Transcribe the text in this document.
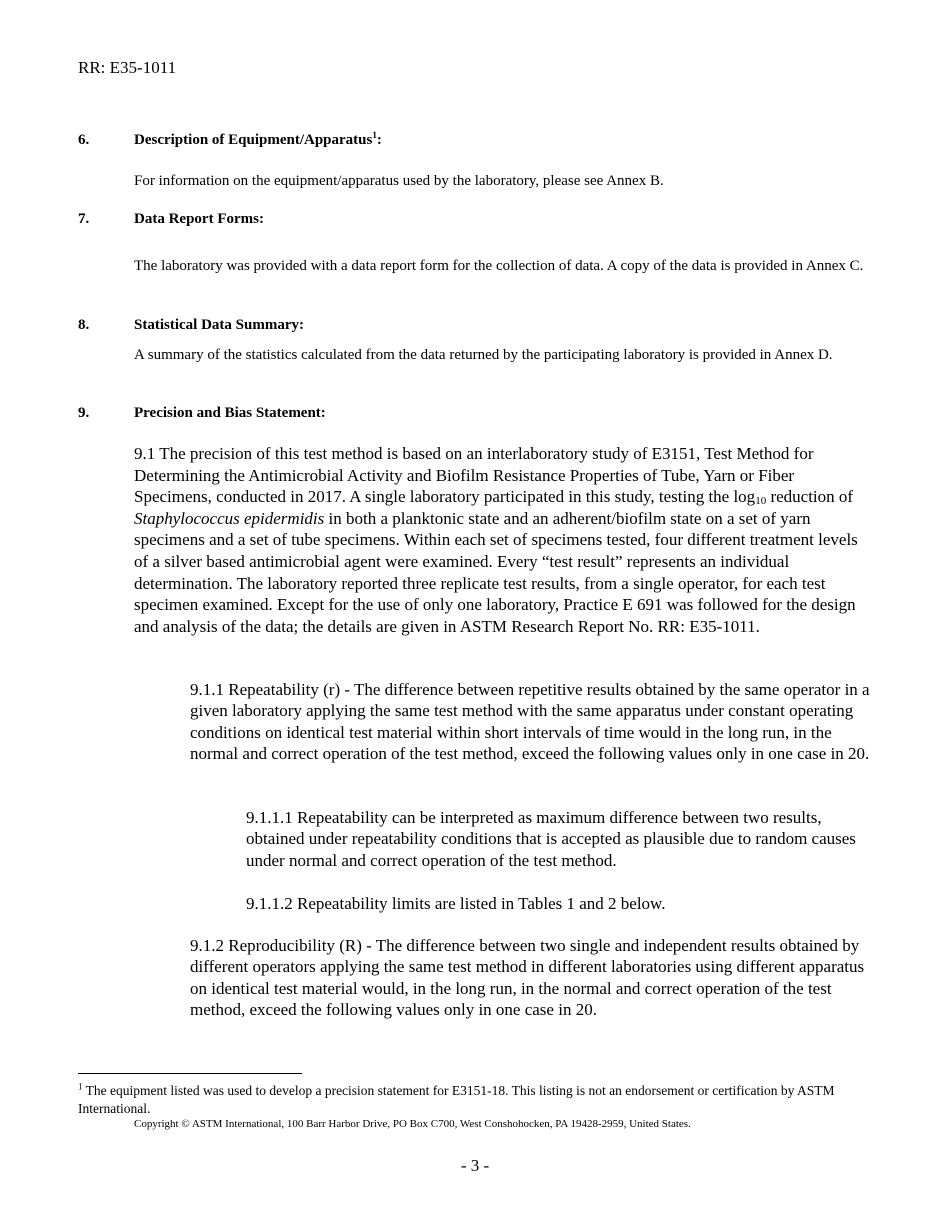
RR: E35-1011
6.	Description of Equipment/Apparatus$^1$:
For information on the equipment/apparatus used by the laboratory, please see Annex B.
7.	Data Report Forms:
The laboratory was provided with a data report form for the collection of data. A copy of the data is provided in Annex C.
8.	Statistical Data Summary:
A summary of the statistics calculated from the data returned by the participating laboratory is provided in Annex D.
9.	Precision and Bias Statement:
9.1 The precision of this test method is based on an interlaboratory study of E3151, Test Method for Determining the Antimicrobial Activity and Biofilm Resistance Properties of Tube, Yarn or Fiber Specimens, conducted in 2017. A single laboratory participated in this study, testing the $\log_{10}$ reduction of Staphylococcus epidermidis in both a planktonic state and an adherent/biofilm state on a set of yarn specimens and a set of tube specimens. Within each set of specimens tested, four different treatment levels of a silver based antimicrobial agent were examined. Every “test result” represents an individual determination. The laboratory reported three replicate test results, from a single operator, for each test specimen examined. Except for the use of only one laboratory, Practice E 691 was followed for the design and analysis of the data; the details are given in ASTM Research Report No. RR: E35-1011.
9.1.1 Repeatability (r) - The difference between repetitive results obtained by the same operator in a given laboratory applying the same test method with the same apparatus under constant operating conditions on identical test material within short intervals of time would in the long run, in the normal and correct operation of the test method, exceed the following values only in one case in 20.
9.1.1.1 Repeatability can be interpreted as maximum difference between two results, obtained under repeatability conditions that is accepted as plausible due to random causes under normal and correct operation of the test method.
9.1.1.2 Repeatability limits are listed in Tables 1 and 2 below.
9.1.2 Reproducibility (R) - The difference between two single and independent results obtained by different operators applying the same test method in different laboratories using different apparatus on identical test material would, in the long run, in the normal and correct operation of the test method, exceed the following values only in one case in 20.
$^1$ The equipment listed was used to develop a precision statement for E3151-18. This listing is not an endorsement or certification by ASTM International.
Copyright © ASTM International, 100 Barr Harbor Drive, PO Box C700, West Conshohocken, PA 19428-2959, United States.
- 3 -
